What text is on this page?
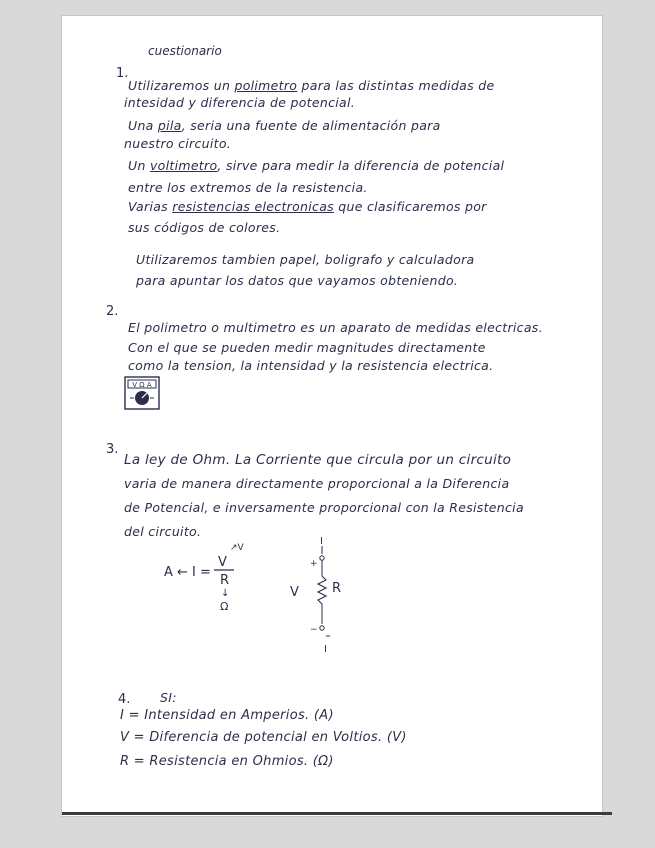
cuestionario
1.
Utilizaremos un polimetro para las distintas medidas de
intesidad y diferencia de potencial.
Una pila, seria una fuente de alimentación para
nuestro circuito.
Un voltimetro, sirve para medir la diferencia de potencial
entre los extremos de la resistencia.
Varias resistencias electronicas que clasificaremos por
sus códigos de colores.
Utilizaremos tambien papel, boligrafo y calculadora
para apuntar los datos que vayamos obteniendo.
2.
El polimetro o multimetro es un aparato de medidas electricas.
Con el que se pueden medir magnitudes directamente
como la tension, la intensidad y la resistencia electrica.
V Ω A
3.
La ley de Ohm. La Corriente que circula por un circuito
varia de manera directamente proporcional a la Diferencia
de Potencial, e inversamente proporcional con la Resistencia
del circuito.
A ← I =
V
R
↗V
↓
Ω
I
+
−
V	R
I
4. SI:
I = Intensidad en Amperios. (A)
V = Diferencia de potencial en Voltios. (V)
R = Resistencia en Ohmios. (Ω)
